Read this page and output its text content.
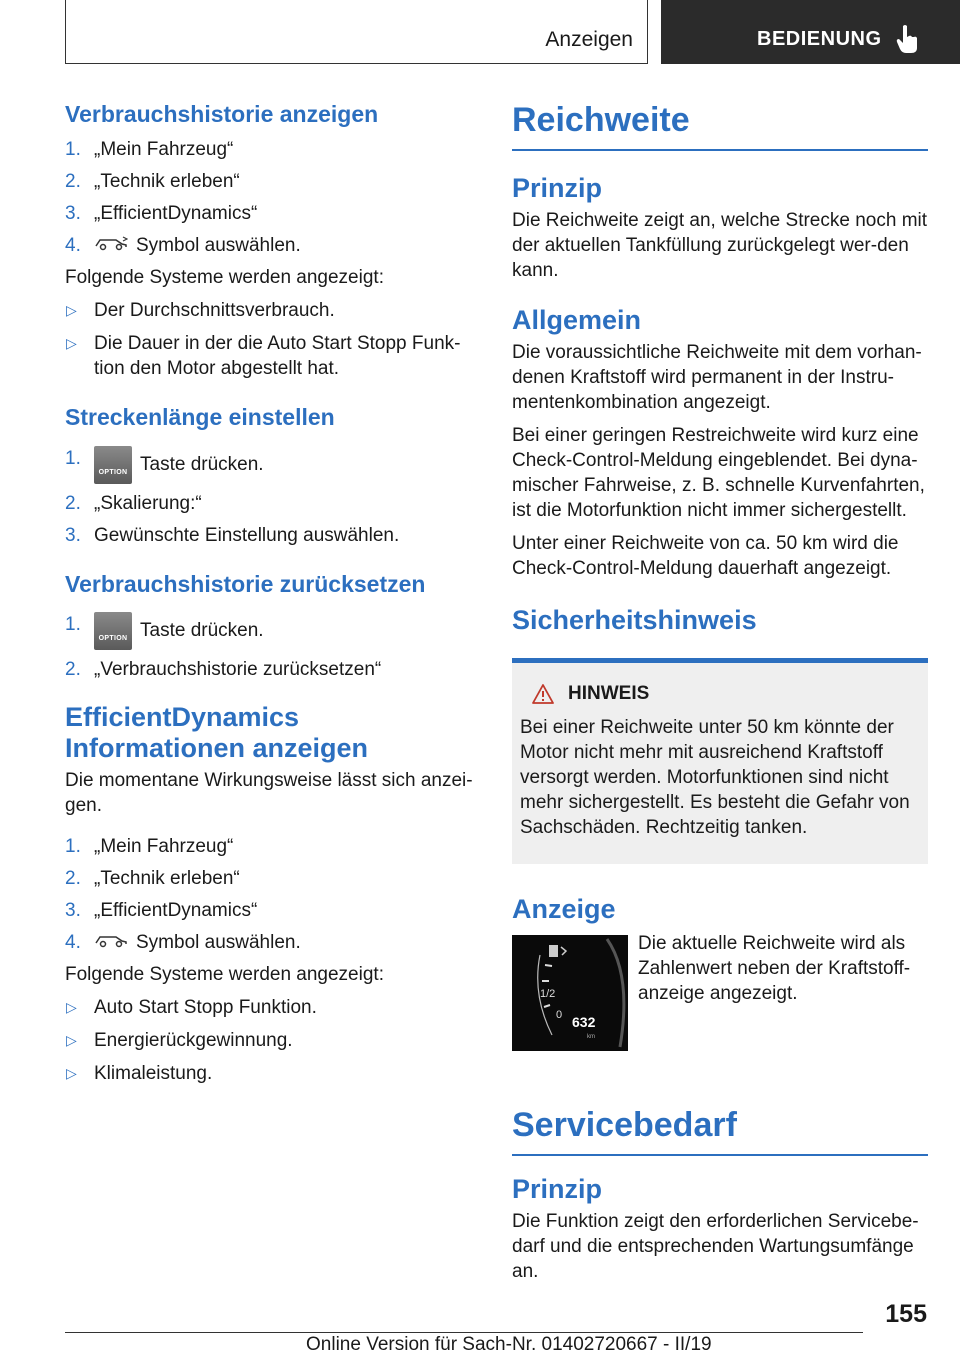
Anzeigen	BEDIENUNG
Verbrauchshistorie anzeigen
1. „Mein Fahrzeug“
2. „Technik erleben“
3. „EfficientDynamics“
4.	Symbol auswählen.

Folgende Systeme werden angezeigt:

▷ Der Durchschnittsverbrauch.
▷ Die Dauer in der die Auto Start Stopp Funk‐tion den Motor abgestellt hat.
Streckenlänge einstellen
1.
OPTION Taste drücken.
2. „Skalierung:“
3. Gewünschte Einstellung auswählen.
Verbrauchshistorie zurücksetzen
1.
OPTION Taste drücken.
2. „Verbrauchshistorie zurücksetzen“
EfficientDynamics Informationen anzeigen

Die momentane Wirkungsweise lässt sich anzei‐gen.

1. „Mein Fahrzeug“
2. „Technik erleben“
3. „EfficientDynamics“
4.	Symbol auswählen.

Folgende Systeme werden angezeigt:

▷ Auto Start Stopp Funktion.
▷ Energierückgewinnung.
▷ Klimaleistung.
Reichweite
Prinzip

Die Reichweite zeigt an, welche Strecke noch mit der aktuellen Tankfüllung zurückgelegt wer‐den kann.

Allgemein

Die voraussichtliche Reichweite mit dem vorhan‐denen Kraftstoff wird permanent in der Instru‐mentenkombination angezeigt.

Bei einer geringen Restreichweite wird kurz eine Check-Control-Meldung eingeblendet. Bei dyna‐mischer Fahrweise, z. B. schnelle Kurvenfahrten, ist die Motorfunktion nicht immer sichergestellt.

Unter einer Reichweite von ca. 50 km wird die Check-Control-Meldung dauerhaft angezeigt.

Sicherheitshinweis
HINWEIS

Bei einer Reichweite unter 50 km könnte der Motor nicht mehr mit ausreichend Kraftstoff versorgt werden. Motorfunktionen sind nicht mehr sichergestellt. Es besteht die Gefahr von Sachschäden. Rechtzeitig tanken.

Anzeige
1/2
0 632
km

Die aktuelle Reichweite wird als Zahlenwert neben der Kraftstoff‐anzeige angezeigt.

Servicebedarf
Prinzip

Die Funktion zeigt den erforderlichen Servicebe‐darf und die entsprechenden Wartungsumfänge an.

155
Online Version für Sach-Nr. 01402720667 - II/19
